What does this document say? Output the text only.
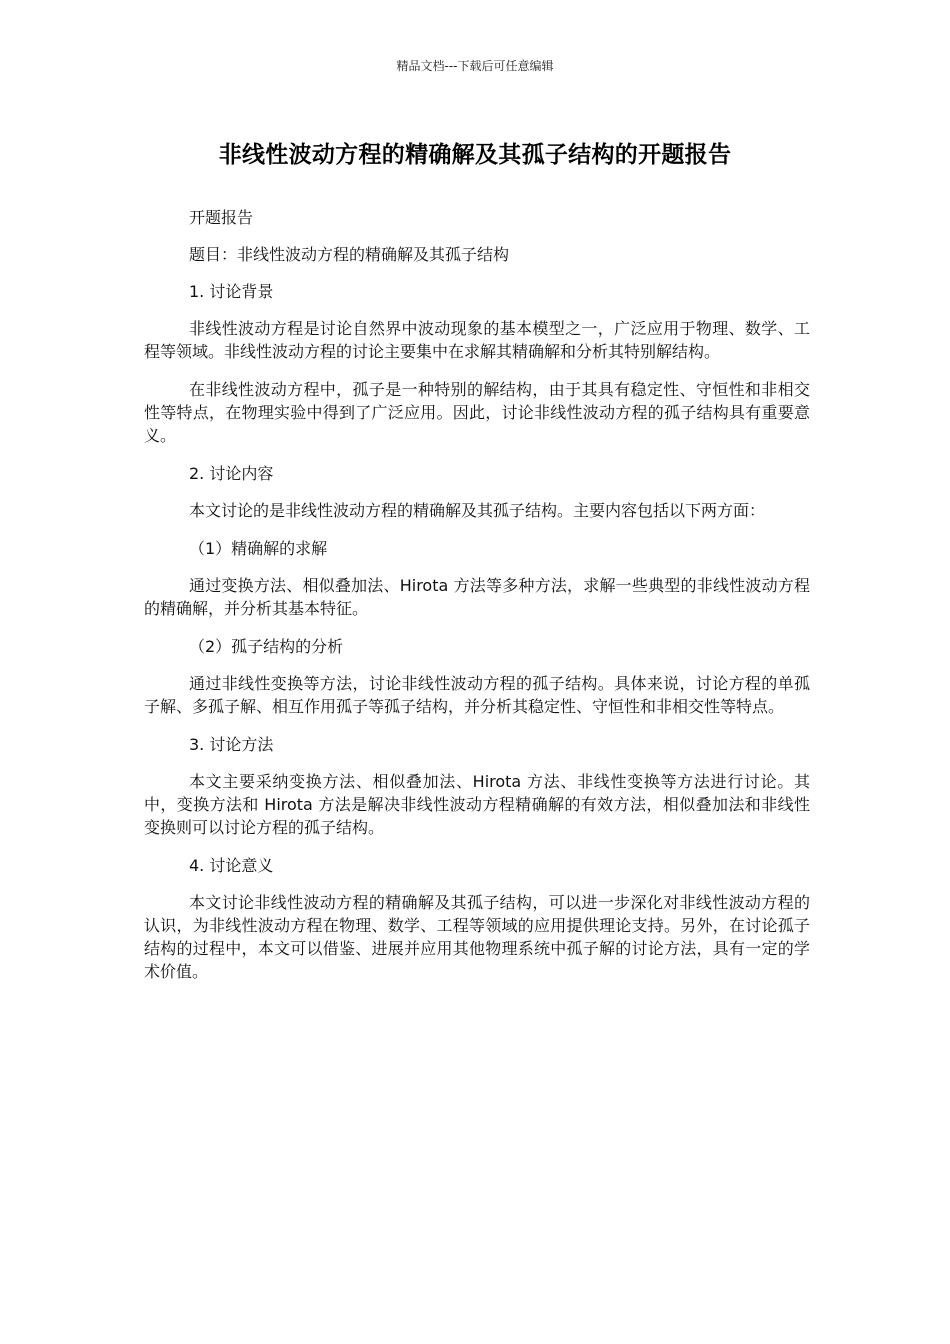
精品文档---下载后可任意编辑
非线性波动方程的精确解及其孤子结构的开题报告

开题报告

题目：非线性波动方程的精确解及其孤子结构

1. 讨论背景

非线性波动方程是讨论自然界中波动现象的基本模型之一，广泛应用于物理、数学、工程等领域。非线性波动方程的讨论主要集中在求解其精确解和分析其特别解结构。

在非线性波动方程中，孤子是一种特别的解结构，由于其具有稳定性、守恒性和非相交性等特点，在物理实验中得到了广泛应用。因此，讨论非线性波动方程的孤子结构具有重要意义。

2. 讨论内容

本文讨论的是非线性波动方程的精确解及其孤子结构。主要内容包括以下两方面：

（1）精确解的求解

通过变换方法、相似叠加法、Hirota 方法等多种方法，求解一些典型的非线性波动方程的精确解，并分析其基本特征。

（2）孤子结构的分析

通过非线性变换等方法，讨论非线性波动方程的孤子结构。具体来说，讨论方程的单孤子解、多孤子解、相互作用孤子等孤子结构，并分析其稳定性、守恒性和非相交性等特点。

3. 讨论方法

本文主要采纳变换方法、相似叠加法、Hirota 方法、非线性变换等方法进行讨论。其中，变换方法和 Hirota 方法是解决非线性波动方程精确解的有效方法，相似叠加法和非线性变换则可以讨论方程的孤子结构。

4. 讨论意义

本文讨论非线性波动方程的精确解及其孤子结构，可以进一步深化对非线性波动方程的认识，为非线性波动方程在物理、数学、工程等领域的应用提供理论支持。另外，在讨论孤子结构的过程中，本文可以借鉴、进展并应用其他物理系统中孤子解的讨论方法，具有一定的学术价值。
